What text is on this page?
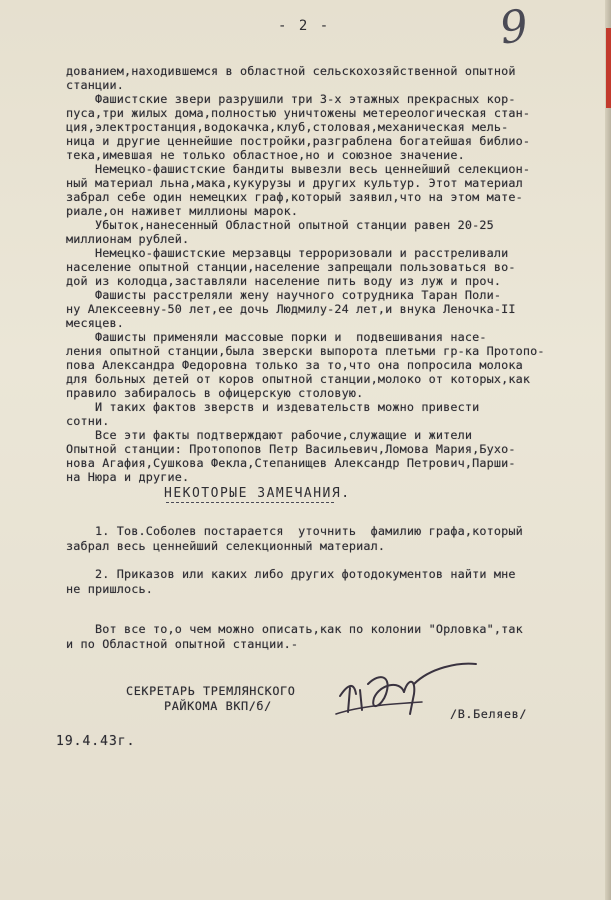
- 2 -	9
дованием,находившемся в областной сельскохозяйственной опытной
станции.
Фашистские звери разрушили три 3-х этажных прекрасных кор-
пуса,три жилых дома,полностью уничтожены метереологическая стан-
ция,электростанция,водокачка,клуб,столовая,механическая мель-
ница и другие ценнейшие постройки,разграблена богатейшая библио-
тека,имевшая не только областное,но и союзное значение.
Немецко-фашистские бандиты вывезли весь ценнейший селекцион-
ный материал льна,мака,кукурузы и других культур. Этот материал
забрал себе один немецких граф,который заявил,что на этом мате-
риале,он наживет миллионы марок.
Убыток,нанесенный Областной опытной станции равен 20-25
миллионам рублей.
Немецко-фашистские мерзавцы терроризовали и расстреливали
население опытной станции,население запрещали пользоваться во-
дой из колодца,заставляли население пить воду из луж и проч.
Фашисты расстреляли жену научного сотрудника Таран Поли-
ну Алексеевну-50 лет,ее дочь Людмилу-24 лет,и внука Леночка-II
месяцев.
Фашисты применяли массовые порки и  подвешивания насе-
ления опытной станции,была зверски выпорота плетьми гр-ка Протопо-
пова Александра Федоровна только за то,что она попросила молока
для больных детей от коров опытной станции,молоко от которых,как
правило забиралось в офицерскую столовую.
И таких фактов зверств и издевательств можно привести
сотни.
Все эти факты подтверждают рабочие,служащие и жители
Опытной станции: Протопопов Петр Васильевич,Ломова Мария,Бухо-
нова Агафия,Сушкова Фекла,Степанищев Александр Петрович,Парши-
на Нюра и другие.
НЕКОТОРЫЕ ЗАМЕЧАНИЯ.
1. Тов.Соболев постарается  уточнить  фамилию графа,который
забрал весь ценнейший селекционный материал.
2. Приказов или каких либо других фотодокументов найти мне
не пришлось.
Вот все то,о чем можно описать,как по колонии "Орловка",так
и по Областной опытной станции.-
СЕКРЕТАРЬ ТРЕМЛЯНСКОГО
РАЙКОМА ВКП/б/
/В.Беляев/
19.4.43г.
